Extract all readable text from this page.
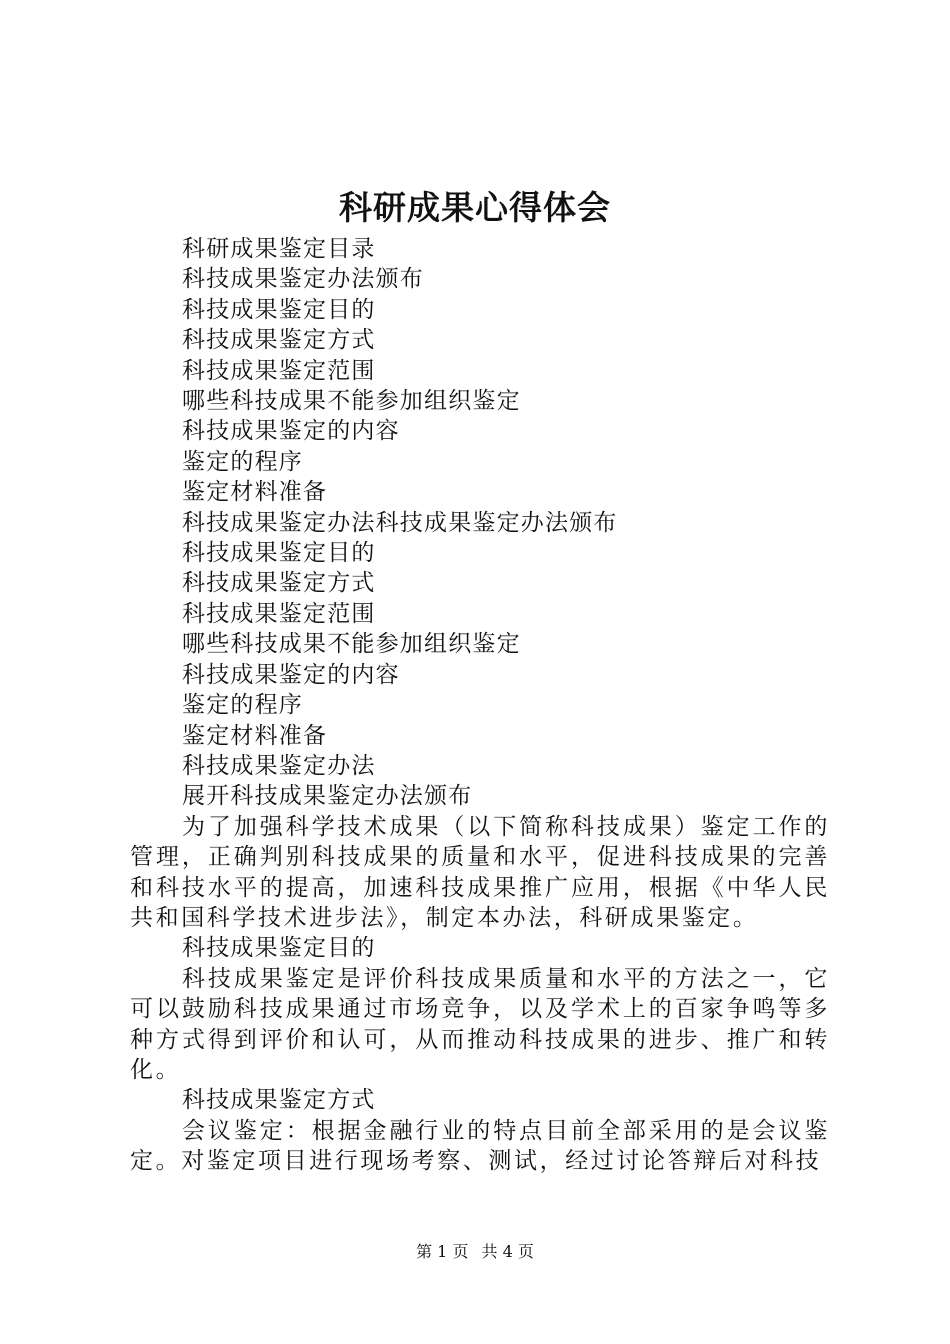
科研成果心得体会
科研成果鉴定目录
科技成果鉴定办法颁布
科技成果鉴定目的
科技成果鉴定方式
科技成果鉴定范围
哪些科技成果不能参加组织鉴定
科技成果鉴定的内容
鉴定的程序
鉴定材料准备
科技成果鉴定办法科技成果鉴定办法颁布
科技成果鉴定目的
科技成果鉴定方式
科技成果鉴定范围
哪些科技成果不能参加组织鉴定
科技成果鉴定的内容
鉴定的程序
鉴定材料准备
科技成果鉴定办法
展开科技成果鉴定办法颁布
为了加强科学技术成果（以下简称科技成果）鉴定工作的管理，正确判别科技成果的质量和水平，促进科技成果的完善和科技水平的提高，加速科技成果推广应用，根据《中华人民共和国科学技术进步法》，制定本办法，科研成果鉴定。
科技成果鉴定目的
科技成果鉴定是评价科技成果质量和水平的方法之一，它可以鼓励科技成果通过市场竞争，以及学术上的百家争鸣等多种方式得到评价和认可，从而推动科技成果的进步、推广和转化。
科技成果鉴定方式
会议鉴定：根据金融行业的特点目前全部采用的是会议鉴定。对鉴定项目进行现场考察、测试，经过讨论答辩后对科技
第 1 页 共 4 页
